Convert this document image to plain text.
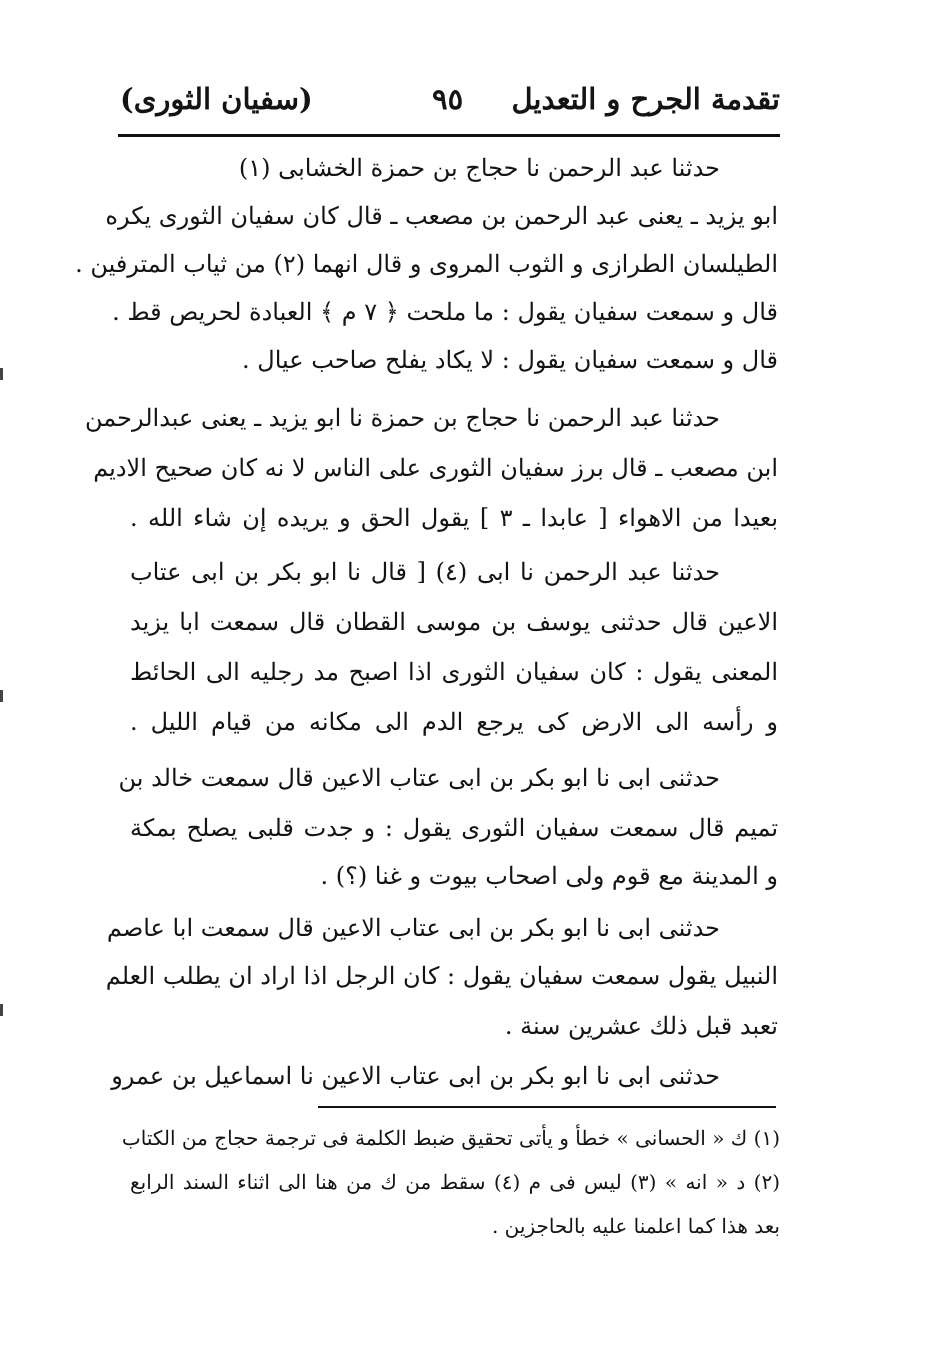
تقدمة الجرح و التعديل
٩٥
(سفيان الثورى)
حدثنا عبد الرحمن نا حجاج بن حمزة الخشابى (١)
ابو يزيد ـ يعنى عبد الرحمن بن مصعب ـ قال كان سفيان الثورى يكره
الطيلسان الطرازى و الثوب المروى و قال انهما (٢) من ثياب المترفين .
قال و سمعت سفيان يقول : ما ملحت ﴿ ٧ م ﴾ العبادة لحريص قط .
قال و سمعت سفيان يقول : لا يكاد يفلح صاحب عيال .
حدثنا عبد الرحمن نا حجاج بن حمزة نا ابو يزيد ـ يعنى عبدالرحمن
ابن مصعب ـ قال برز سفيان الثورى على الناس لا نه كان صحيح الاديم
بعيدا من الاهواء [ عابدا ـ ٣ ] يقول الحق و يريده إن شاء الله .
حدثنا عبد الرحمن نا ابى (٤) [ قال نا ابو بكر بن ابى عتاب
الاعين قال حدثنى يوسف بن موسى القطان قال سمعت ابا يزيد
المعنى يقول : كان سفيان الثورى اذا اصبح مد رجليه الى الحائط
و رأسه الى الارض كى يرجع الدم الى مكانه من قيام الليل .
حدثنى ابى نا ابو بكر بن ابى عتاب الاعين قال سمعت خالد بن
تميم قال سمعت سفيان الثورى يقول : و جدت قلبى يصلح بمكة
و المدينة مع قوم ولى اصحاب بيوت و غنا (؟) .
حدثنى ابى نا ابو بكر بن ابى عتاب الاعين قال سمعت ابا عاصم
النبيل يقول سمعت سفيان يقول : كان الرجل اذا اراد ان يطلب العلم
تعبد قبل ذلك عشرين سنة .
حدثنى ابى نا ابو بكر بن ابى عتاب الاعين نا اسماعيل بن عمرو
(١) ك « الحسانى » خطأ و يأتى تحقيق ضبط الكلمة فى ترجمة حجاج من الكتاب
(٢) د « انه » (٣) ليس فى م (٤) سقط من ك من هنا الى اثناء السند الرابع
بعد هذا كما اعلمنا عليه بالحاجزين .
